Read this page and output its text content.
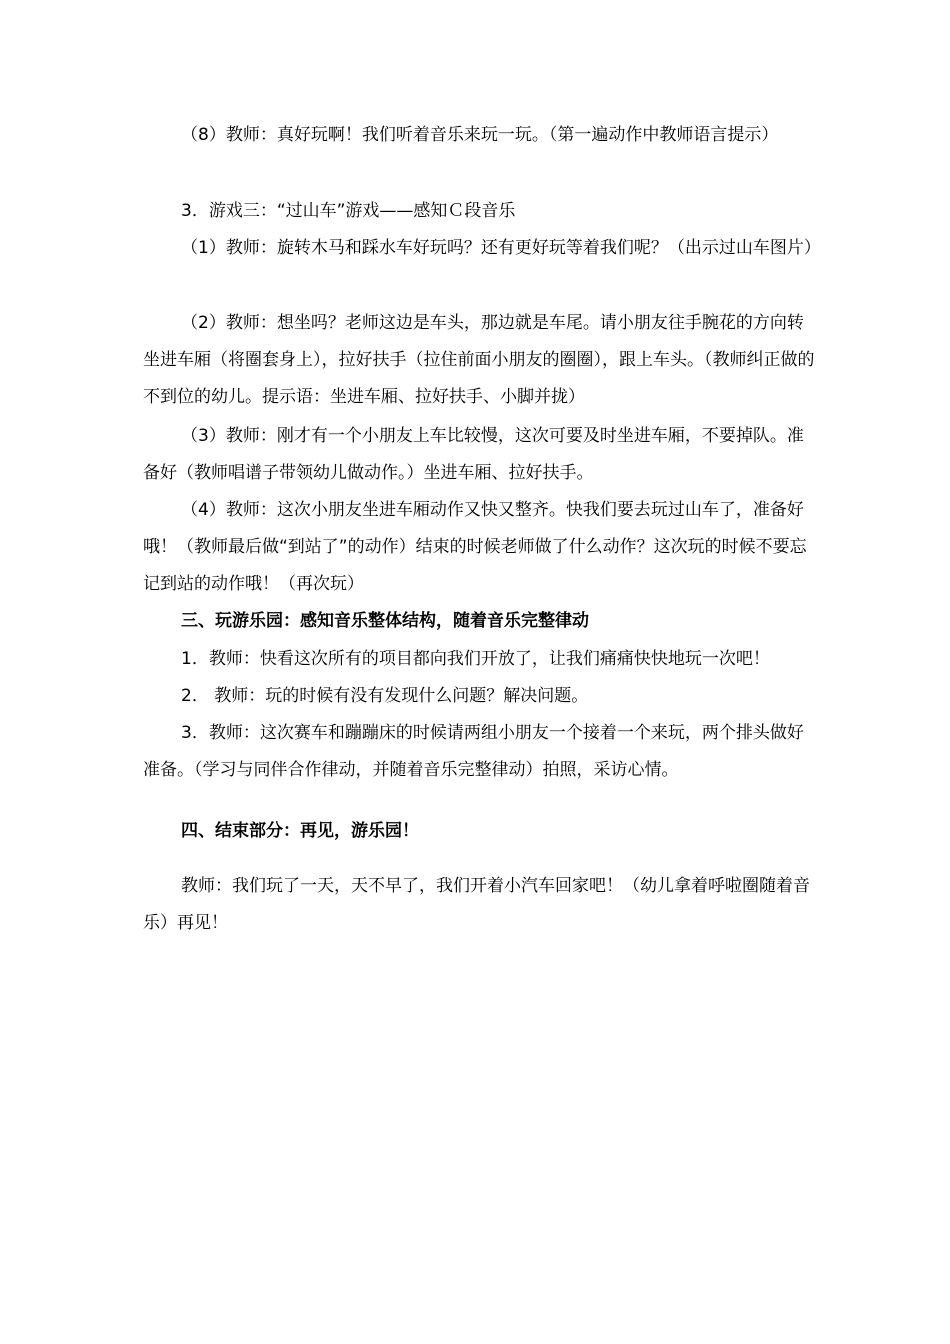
（8）教师：真好玩啊！我们听着音乐来玩一玩。（第一遍动作中教师语言提示）

3．游戏三：“过山车”游戏——感知Ｃ段音乐

（1）教师：旋转木马和踩水车好玩吗？还有更好玩等着我们呢？（出示过山车图片）

（2）教师：想坐吗？老师这边是车头，那边就是车尾。请小朋友往手腕花的方向转坐进车厢（将圈套身上），拉好扶手（拉住前面小朋友的圈圈），跟上车头。（教师纠正做的不到位的幼儿。提示语：坐进车厢、拉好扶手、小脚并拢）

（3）教师：刚才有一个小朋友上车比较慢，这次可要及时坐进车厢，不要掉队。准备好（教师唱谱子带领幼儿做动作。）坐进车厢、拉好扶手。

（4）教师：这次小朋友坐进车厢动作又快又整齐。快我们要去玩过山车了，准备好哦！（教师最后做“到站了”的动作）结束的时候老师做了什么动作？这次玩的时候不要忘记到站的动作哦！（再次玩）

三、玩游乐园：感知音乐整体结构，随着音乐完整律动

1．教师：快看这次所有的项目都向我们开放了，让我们痛痛快快地玩一次吧！

2． 教师：玩的时候有没有发现什么问题？解决问题。

3．教师：这次赛车和蹦蹦床的时候请两组小朋友一个接着一个来玩，两个排头做好准备。（学习与同伴合作律动，并随着音乐完整律动）拍照，采访心情。

四、结束部分：再见，游乐园！

教师：我们玩了一天，天不早了，我们开着小汽车回家吧！（幼儿拿着呼啦圈随着音乐）再见！
